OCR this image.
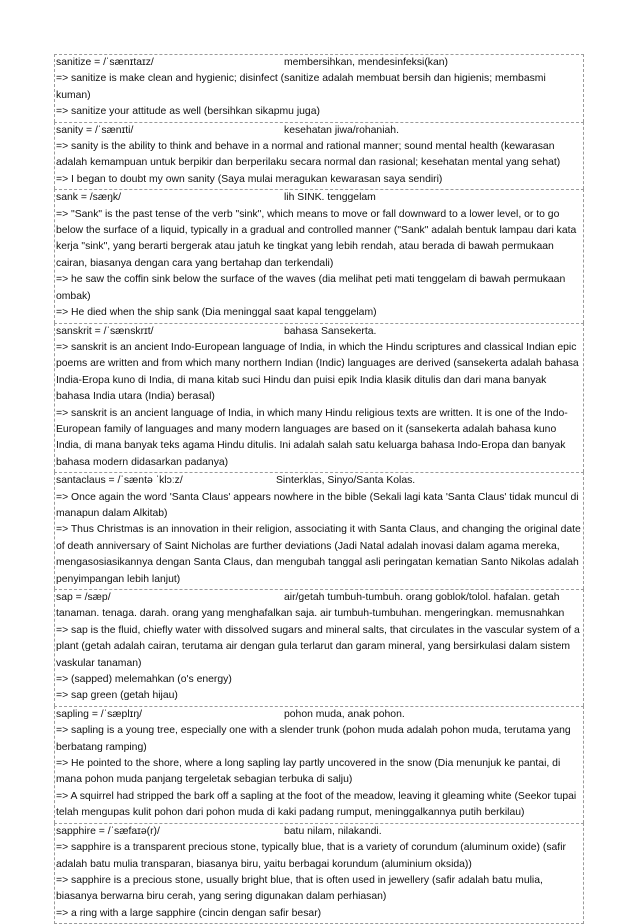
sanitize = /ˈsænɪtaɪz/	membersihkan, mendesinfeksi(kan)

=> sanitize is make clean and hygienic; disinfect (sanitize adalah membuat bersih dan higienis; membasmi kuman)

=> sanitize your attitude as well (bersihkan sikapmu juga)

sanity = /ˈsænɪti/	kesehatan jiwa/rohaniah.

=> sanity is the ability to think and behave in a normal and rational manner; sound mental health (kewarasan adalah kemampuan untuk berpikir dan berperilaku secara normal dan rasional; kesehatan mental yang sehat)

=> I began to doubt my own sanity (Saya mulai meragukan kewarasan saya sendiri)

sank = /sæŋk/	lih SINK. tenggelam

=> "Sank" is the past tense of the verb "sink", which means to move or fall downward to a lower level, or to go below the surface of a liquid, typically in a gradual and controlled manner ("Sank" adalah bentuk lampau dari kata kerja "sink", yang berarti bergerak atau jatuh ke tingkat yang lebih rendah, atau berada di bawah permukaan cairan, biasanya dengan cara yang bertahap dan terkendali)

=> he saw the coffin sink below the surface of the waves (dia melihat peti mati tenggelam di bawah permukaan ombak)

=> He died when the ship sank (Dia meninggal saat kapal tenggelam)

sanskrit = /ˈsænskrɪt/	bahasa Sansekerta.

=> sanskrit is an ancient Indo-European language of India, in which the Hindu scriptures and classical Indian epic poems are written and from which many northern Indian (Indic) languages are derived (sansekerta adalah bahasa India-Eropa kuno di India, di mana kitab suci Hindu dan puisi epik India klasik ditulis dan dari mana banyak bahasa India utara (India) berasal)

=> sanskrit is an ancient language of India, in which many Hindu religious texts are written. It is one of the Indo-European family of languages and many modern languages are based on it (sansekerta adalah bahasa kuno India, di mana banyak teks agama Hindu ditulis. Ini adalah salah satu keluarga bahasa Indo-Eropa dan banyak bahasa modern didasarkan padanya)

santaclaus = /ˈsæntə ˈklɔːz/	Sinterklas, Sinyo/Santa Kolas.

=> Once again the word 'Santa Claus' appears nowhere in the bible (Sekali lagi kata 'Santa Claus' tidak muncul di manapun dalam Alkitab)

=> Thus Christmas is an innovation in their religion, associating it with Santa Claus, and changing the original date of death anniversary of Saint Nicholas are further deviations (Jadi Natal adalah inovasi dalam agama mereka, mengasosiasikannya dengan Santa Claus, dan mengubah tanggal asli peringatan kematian Santo Nikolas adalah penyimpangan lebih lanjut)

sap = /sæp/	air/getah tumbuh-tumbuh. orang goblok/tolol. hafalan. getah

tanaman. tenaga. darah. orang yang menghafalkan saja. air tumbuh-tumbuhan. mengeringkan. memusnahkan

=> sap is the fluid, chiefly water with dissolved sugars and mineral salts, that circulates in the vascular system of a plant (getah adalah cairan, terutama air dengan gula terlarut dan garam mineral, yang bersirkulasi dalam sistem vaskular tanaman)

=> (sapped) melemahkan (o's energy)

=> sap green (getah hijau)

sapling = /ˈsæplɪŋ/	pohon muda, anak pohon.

=> sapling is a young tree, especially one with a slender trunk (pohon muda adalah pohon muda, terutama yang berbatang ramping)

=> He pointed to the shore, where a long sapling lay partly uncovered in the snow (Dia menunjuk ke pantai, di mana pohon muda panjang tergeletak sebagian terbuka di salju)

=> A squirrel had stripped the bark off a sapling at the foot of the meadow, leaving it gleaming white (Seekor tupai telah mengupas kulit pohon dari pohon muda di kaki padang rumput, meninggalkannya putih berkilau)

sapphire = /ˈsæfaɪə(r)/	batu nilam, nilakandi.

=> sapphire is a transparent precious stone, typically blue, that is a variety of corundum (aluminum oxide) (safir adalah batu mulia transparan, biasanya biru, yaitu berbagai korundum (aluminium oksida))

=> sapphire is a precious stone, usually bright blue, that is often used in jewellery (safir adalah batu mulia, biasanya berwarna biru cerah, yang sering digunakan dalam perhiasan)

=> a ring with a large sapphire (cincin dengan safir besar)
